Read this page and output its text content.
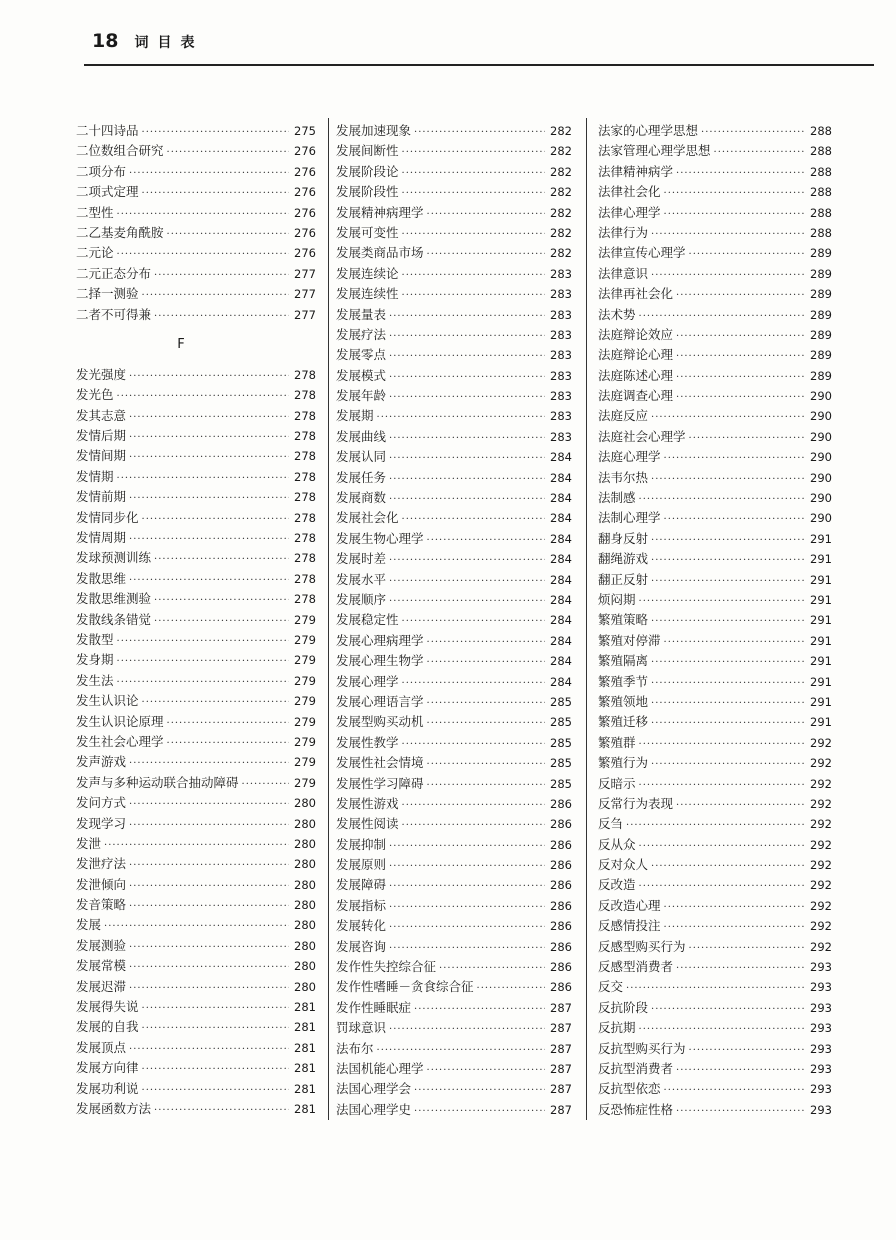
18 词目表
二十四诗品 ·····	275
二位数组合研究 ·····	276
二项分布 ·····	276
二项式定理 ·····	276
二型性 ·····	276
二乙基麦角酰胺 ·····	276
二元论 ·····	276
二元正态分布 ·····	277
二择一测验 ·····	277
二者不可得兼 ·····	277
F
发光强度 ·····	278
发光色 ·····	278
发其志意 ·····	278
发情后期 ·····	278
发情间期 ·····	278
发情期 ·····	278
发情前期 ·····	278
发情同步化 ·····	278
发情周期 ·····	278
发球预测训练 ·····	278
发散思维 ·····	278
发散思维测验 ·····	278
发散线条错觉 ·····	279
发散型 ·····	279
发身期 ·····	279
发生法 ·····	279
发生认识论 ·····	279
发生认识论原理 ·····	279
发生社会心理学 ·····	279
发声游戏 ·····	279
发声与多种运动联合抽动障碍 ·····	279
发问方式 ·····	280
发现学习 ·····	280
发泄 ·····	280
发泄疗法 ·····	280
发泄倾向 ·····	280
发音策略 ·····	280
发展 ·····	280
发展测验 ·····	280
发展常模 ·····	280
发展迟滞 ·····	280
发展得失说 ·····	281
发展的自我 ·····	281
发展顶点 ·····	281
发展方向律 ·····	281
发展功利说 ·····	281
发展函数方法 ·····	281
发展加速现象 ·····	282
发展间断性 ·····	282
发展阶段论 ·····	282
发展阶段性 ·····	282
发展精神病理学 ·····	282
发展可变性 ·····	282
发展类商品市场 ·····	282
发展连续论 ·····	283
发展连续性 ·····	283
发展量表 ·····	283
发展疗法 ·····	283
发展零点 ·····	283
发展模式 ·····	283
发展年龄 ·····	283
发展期 ·····	283
发展曲线 ·····	283
发展认同 ·····	284
发展任务 ·····	284
发展商数 ·····	284
发展社会化 ·····	284
发展生物心理学 ·····	284
发展时差 ·····	284
发展水平 ·····	284
发展顺序 ·····	284
发展稳定性 ·····	284
发展心理病理学 ·····	284
发展心理生物学 ·····	284
发展心理学 ·····	284
发展心理语言学 ·····	285
发展型购买动机 ·····	285
发展性教学 ·····	285
发展性社会情境 ·····	285
发展性学习障碍 ·····	285
发展性游戏 ·····	286
发展性阅读 ·····	286
发展抑制 ·····	286
发展原则 ·····	286
发展障碍 ·····	286
发展指标 ·····	286
发展转化 ·····	286
发展咨询 ·····	286
发作性失控综合征 ·····	286
发作性嗜睡－贪食综合征 ·····	286
发作性睡眠症 ·····	287
罚球意识 ·····	287
法布尔 ·····	287
法国机能心理学 ·····	287
法国心理学会 ·····	287
法国心理学史 ·····	287
法家的心理学思想 ·····	288
法家管理心理学思想 ·····	288
法律精神病学 ·····	288
法律社会化 ·····	288
法律心理学 ·····	288
法律行为 ·····	288
法律宣传心理学 ·····	289
法律意识 ·····	289
法律再社会化 ·····	289
法术势 ·····	289
法庭辩论效应 ·····	289
法庭辩论心理 ·····	289
法庭陈述心理 ·····	289
法庭调查心理 ·····	290
法庭反应 ·····	290
法庭社会心理学 ·····	290
法庭心理学 ·····	290
法韦尔热 ·····	290
法制感 ·····	290
法制心理学 ·····	290
翻身反射 ·····	291
翻绳游戏 ·····	291
翻正反射 ·····	291
烦闷期 ·····	291
繁殖策略 ·····	291
繁殖对停滞 ·····	291
繁殖隔离 ·····	291
繁殖季节 ·····	291
繁殖领地 ·····	291
繁殖迁移 ·····	291
繁殖群 ·····	292
繁殖行为 ·····	292
反暗示 ·····	292
反常行为表现 ·····	292
反刍 ·····	292
反从众 ·····	292
反对众人 ·····	292
反改造 ·····	292
反改造心理 ·····	292
反感情投注 ·····	292
反感型购买行为 ·····	292
反感型消费者 ·····	293
反交 ·····	293
反抗阶段 ·····	293
反抗期 ·····	293
反抗型购买行为 ·····	293
反抗型消费者 ·····	293
反抗型依恋 ·····	293
反恐怖症性格 ·····	293
